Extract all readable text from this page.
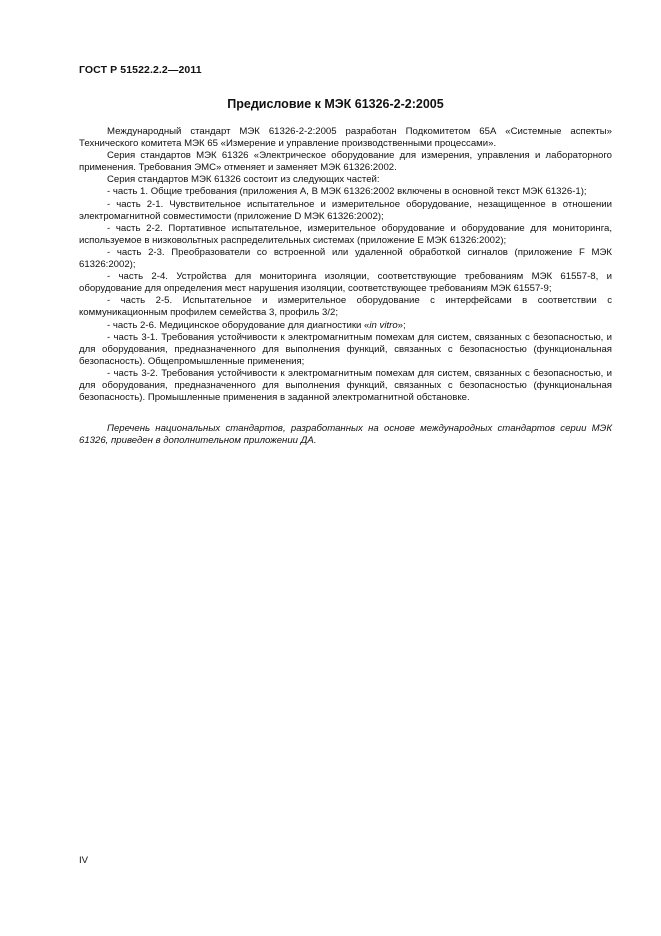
ГОСТ Р 51522.2.2—2011
Предисловие к МЭК 61326-2-2:2005

Международный стандарт МЭК 61326-2-2:2005 разработан Подкомитетом 65А «Системные аспекты» Технического комитета МЭК 65 «Измерение и управление производственными процессами».

Серия стандартов МЭК 61326 «Электрическое оборудование для измерения, управления и лабораторного применения. Требования ЭМС» отменяет и заменяет МЭК 61326:2002.

Серия стандартов МЭК 61326 состоит из следующих частей:

- часть 1. Общие требования (приложения А, В МЭК 61326:2002 включены в основной текст МЭК 61326-1);

- часть 2-1. Чувствительное испытательное и измерительное оборудование, незащищенное в отношении электромагнитной совместимости (приложение D МЭК 61326:2002);

- часть 2-2. Портативное испытательное, измерительное оборудование и оборудование для мониторинга, используемое в низковольтных распределительных системах (приложение Е МЭК 61326:2002);

- часть 2-3. Преобразователи со встроенной или удаленной обработкой сигналов (приложение F МЭК 61326:2002);

- часть 2-4. Устройства для мониторинга изоляции, соответствующие требованиям МЭК 61557-8, и оборудование для определения мест нарушения изоляции, соответствующее требованиям МЭК 61557-9;

- часть 2-5. Испытательное и измерительное оборудование с интерфейсами в соответствии с коммуникационным профилем семейства 3, профиль 3/2;

- часть 2-6. Медицинское оборудование для диагностики «in vitro»;

- часть 3-1. Требования устойчивости к электромагнитным помехам для систем, связанных с безопасностью, и для оборудования, предназначенного для выполнения функций, связанных с безопасностью (функциональная безопасность). Общепромышленные применения;

- часть 3-2. Требования устойчивости к электромагнитным помехам для систем, связанных с безопасностью, и для оборудования, предназначенного для выполнения функций, связанных с безопасностью (функциональная безопасность). Промышленные применения в заданной электромагнитной обстановке.

Перечень национальных стандартов, разработанных на основе международных стандартов серии МЭК 61326, приведен в дополнительном приложении ДА.

IV
